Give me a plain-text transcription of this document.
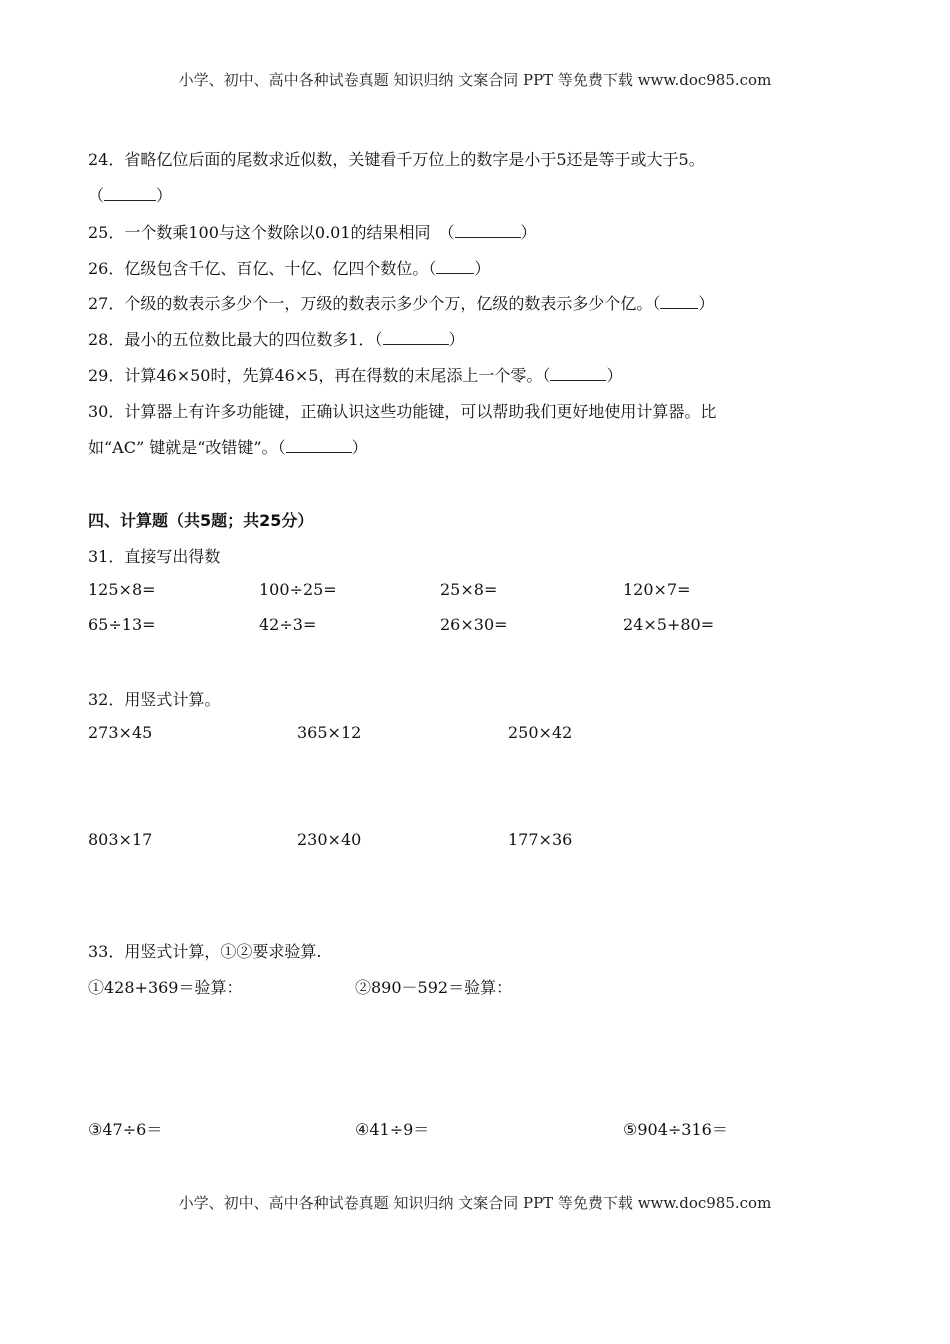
小学、初中、高中各种试卷真题 知识归纳 文案合同 PPT 等免费下载 www.doc985.com
24．省略亿位后面的尾数求近似数，关键看千万位上的数字是小于5还是等于或大于5。
（	）
25．一个数乘100与这个数除以0.01的结果相同　（	）
26．亿级包含千亿、百亿、十亿、亿四个数位。（ ）
27．个级的数表示多少个一，万级的数表示多少个万，亿级的数表示多少个亿。（ ）
28．最小的五位数比最大的四位数多1．（	）
29．计算46×50时，先算46×5，再在得数的末尾添上一个零。（	）
30．计算器上有许多功能键，正确认识这些功能键，可以帮助我们更好地使用计算器。比
如“AC” 键就是“改错键”。（	）
四、计算题（共5题；共25分）
31．直接写出得数
125×8=	100÷25=	25×8=	120×7=
65÷13=	42÷3=	26×30=	24×5+80=
32．用竖式计算。
273×45	365×12	250×42
803×17	230×40	177×36
33．用竖式计算，①②要求验算.
①428+369＝验算：	②890－592＝验算：
③47÷6＝	④41÷9＝	⑤904÷316＝
小学、初中、高中各种试卷真题 知识归纳 文案合同 PPT 等免费下载 www.doc985.com
